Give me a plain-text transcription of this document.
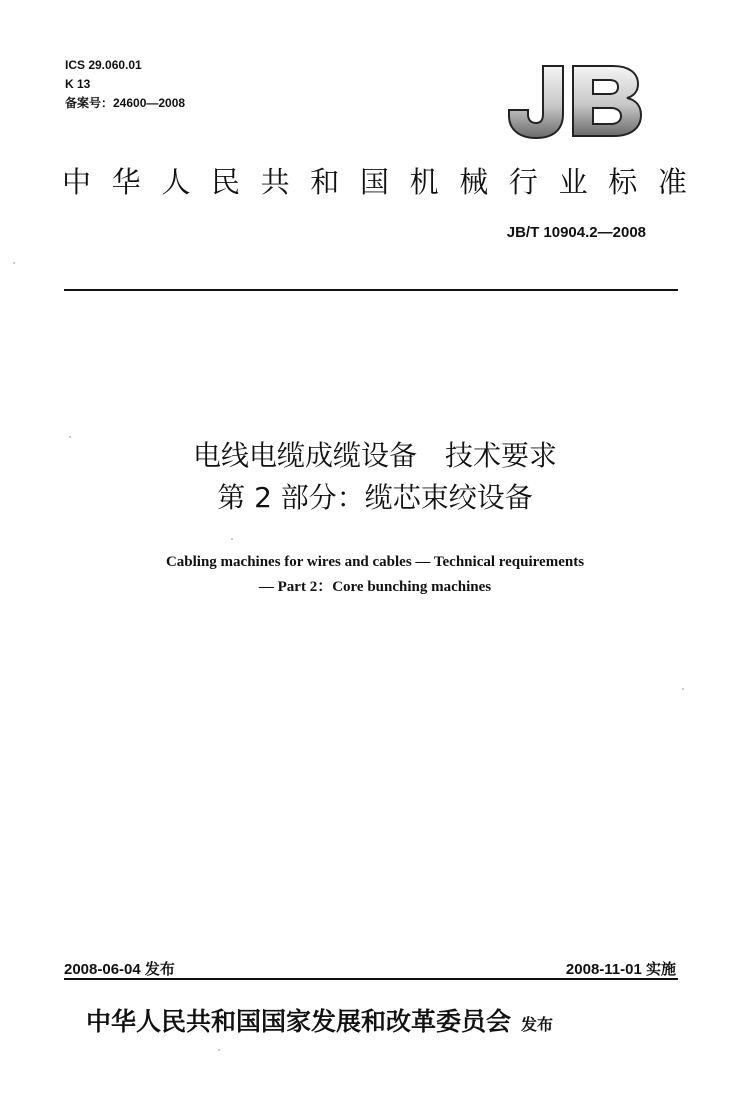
ICS 29.060.01
K 13
备案号：24600—2008
中 华 人 民 共 和 国 机 械 行 业 标 准
JB/T 10904.2—2008
电线电缆成缆设备　技术要求
第 2 部分：缆芯束绞设备
Cabling machines for wires and cables — Technical requirements
— Part 2：Core bunching machines
2008-06-04 发布	2008-11-01 实施
中华人民共和国国家发展和改革委员会 发布
